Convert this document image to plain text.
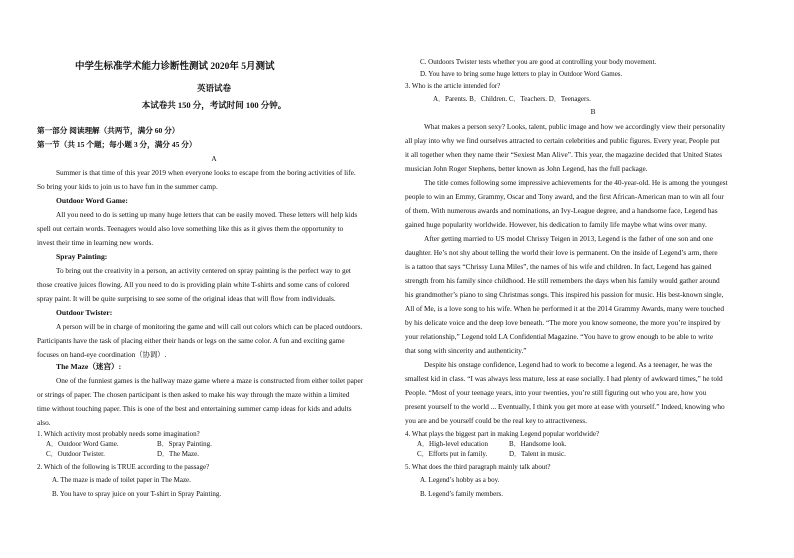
中学生标准学术能力诊断性测试 2020年 5月测试
英语试卷
本试卷共 150 分，考试时间 100 分钟。
第一部分 阅读理解（共两节，满分 60 分）
第一节（共 15 个题；每小题 3 分，满分 45 分）
A
Summer is that time of this year 2019 when everyone looks to escape from the boring activities of life.
So bring your kids to join us to have fun in the summer camp.
Outdoor Word Game:
All you need to do is setting up many huge letters that can be easily moved. These letters will help kids
spell out certain words. Teenagers would also love something like this as it gives them the opportunity to
invest their time in learning new words.
Spray Painting:
To bring out the creativity in a person, an activity centered on spray painting is the perfect way to get
those creative juices flowing. All you need to do is providing plain white T-shirts and some cans of colored
spray paint. It will be quite surprising to see some of the original ideas that will flow from individuals.
Outdoor Twister:
A person will be in charge of monitoring the game and will call out colors which can be placed outdoors.
Participants have the task of placing either their hands or legs on the same color. A fun and exciting game
focuses on hand-eye coordination（协调）.
The Maze（迷宫）:
One of the funniest games is the hallway maze game where a maze is constructed from either toilet paper
or strings of paper. The chosen participant is then asked to make his way through the maze within a limited
time without touching paper. This is one of the best and entertaining summer camp ideas for kids and adults
also.
1. Which activity most probably needs some imagination?
A．Outdoor Word Game.	B．Spray Painting.
C．Outdoor Twister.	D．The Maze.
2. Which of the following is TRUE according to the passage?
A. The maze is made of toilet paper in The Maze.
B. You have to spray juice on your T-shirt in Spray Painting.
C. Outdoors Twister tests whether you are good at controlling your body movement.
D. You have to bring some huge letters to play in Outdoor Word Games.
3. Who is the article intended for?
A．Parents. B．Children. C．Teachers. D．Teenagers.
B
What makes a person sexy? Looks, talent, public image and how we accordingly view their personality
all play into why we find ourselves attracted to certain celebrities and public figures. Every year, People put
it all together when they name their “Sexiest Man Alive”. This year, the magazine decided that United States
musician John Roger Stephens, better known as John Legend, has the full package.
The title comes following some impressive achievements for the 40-year-old. He is among the youngest
people to win an Emmy, Grammy, Oscar and Tony award, and the first African-American man to win all four
of them. With numerous awards and nominations, an Ivy-League degree, and a handsome face, Legend has
gained huge popularity worldwide. However, his dedication to family life maybe what wins over many.
After getting married to US model Chrissy Teigen in 2013, Legend is the father of one son and one
daughter. He’s not shy about telling the world their love is permanent. On the inside of Legend’s arm, there
is a tattoo that says “Chrissy Luna Miles”, the names of his wife and children. In fact, Legend has gained
strength from his family since childhood. He still remembers the days when his family would gather around
his grandmother’s piano to sing Christmas songs. This inspired his passion for music. His best-known single,
All of Me, is a love song to his wife. When he performed it at the 2014 Grammy Awards, many were touched
by his delicate voice and the deep love beneath. “The more you know someone, the more you’re inspired by
your relationship,” Legend told LA Confidential Magazine. “You have to grow enough to be able to write
that song with sincerity and authenticity.”
Despite his onstage confidence, Legend had to work to become a legend. As a teenager, he was the
smallest kid in class. “I was always less mature, less at ease socially. I had plenty of awkward times,” he told
People. “Most of your teenage years, into your twenties, you’re still figuring out who you are, how you
present yourself to the world ... Eventually, I think you get more at ease with yourself.” Indeed, knowing who
you are and be yourself could be the real key to attractiveness.
4. What plays the biggest part in making Legend popular worldwide?
A．High-level education	B．Handsome look.
C．Efforts put in family.	D．Talent in music.
5. What does the third paragraph mainly talk about?
A. Legend’s hobby as a boy.
B. Legend’s family members.
